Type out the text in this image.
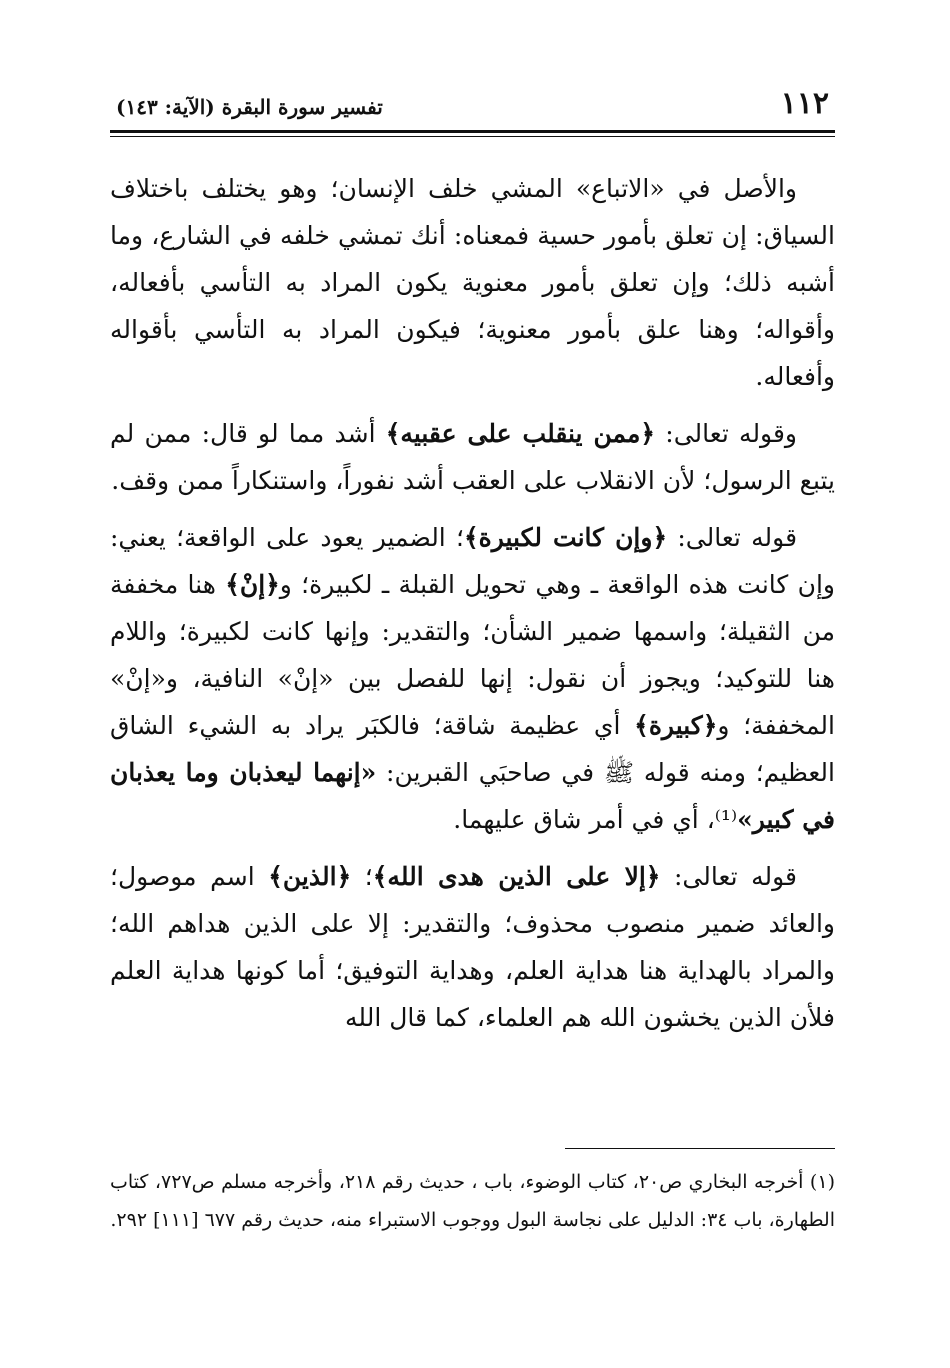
١١٢
تفسير سورة البقرة (الآية: ١٤٣)

والأصل في «الاتباع» المشي خلف الإنسان؛ وهو يختلف باختلاف السياق: إن تعلق بأمور حسية فمعناه: أنك تمشي خلفه في الشارع، وما أشبه ذلك؛ وإن تعلق بأمور معنوية يكون المراد به التأسي بأفعاله، وأقواله؛ وهنا علق بأمور معنوية؛ فيكون المراد به التأسي بأقواله وأفعاله.

وقوله تعالى: ﴿ممن ينقلب على عقبيه﴾ أشد مما لو قال: ممن لم يتبع الرسول؛ لأن الانقلاب على العقب أشد نفوراً، واستنكاراً ممن وقف.

قوله تعالى: ﴿وإن كانت لكبيرة﴾؛ الضمير يعود على الواقعة؛ يعني: وإن كانت هذه الواقعة ـ وهي تحويل القبلة ـ لكبيرة؛ و﴿إنْ﴾ هنا مخففة من الثقيلة؛ واسمها ضمير الشأن؛ والتقدير: وإنها كانت لكبيرة؛ واللام هنا للتوكيد؛ ويجوز أن نقول: إنها للفصل بين «إنْ» النافية، و«إنْ» المخففة؛ و﴿كبيرة﴾ أي عظيمة شاقة؛ فالكبَر يراد به الشيء الشاق العظيم؛ ومنه قوله ﷺ في صاحبَي القبرين: «إنهما ليعذبان وما يعذبان في كبير»⁽¹⁾، أي في أمر شاق عليهما.

قوله تعالى: ﴿إلا على الذين هدى الله﴾؛ ﴿الذين﴾ اسم موصول؛ والعائد ضمير منصوب محذوف؛ والتقدير: إلا على الذين هداهم الله؛ والمراد بالهداية هنا هداية العلم، وهداية التوفيق؛ أما كونها هداية العلم فلأن الذين يخشون الله هم العلماء، كما قال الله

(١) أخرجه البخاري ص٢٠، كتاب الوضوء، باب ، حديث رقم ٢١٨، وأخرجه مسلم ص٧٢٧، كتاب الطهارة، باب ٣٤: الدليل على نجاسة البول ووجوب الاستبراء منه، حديث رقم ٦٧٧ [١١١] ٢٩٢.
